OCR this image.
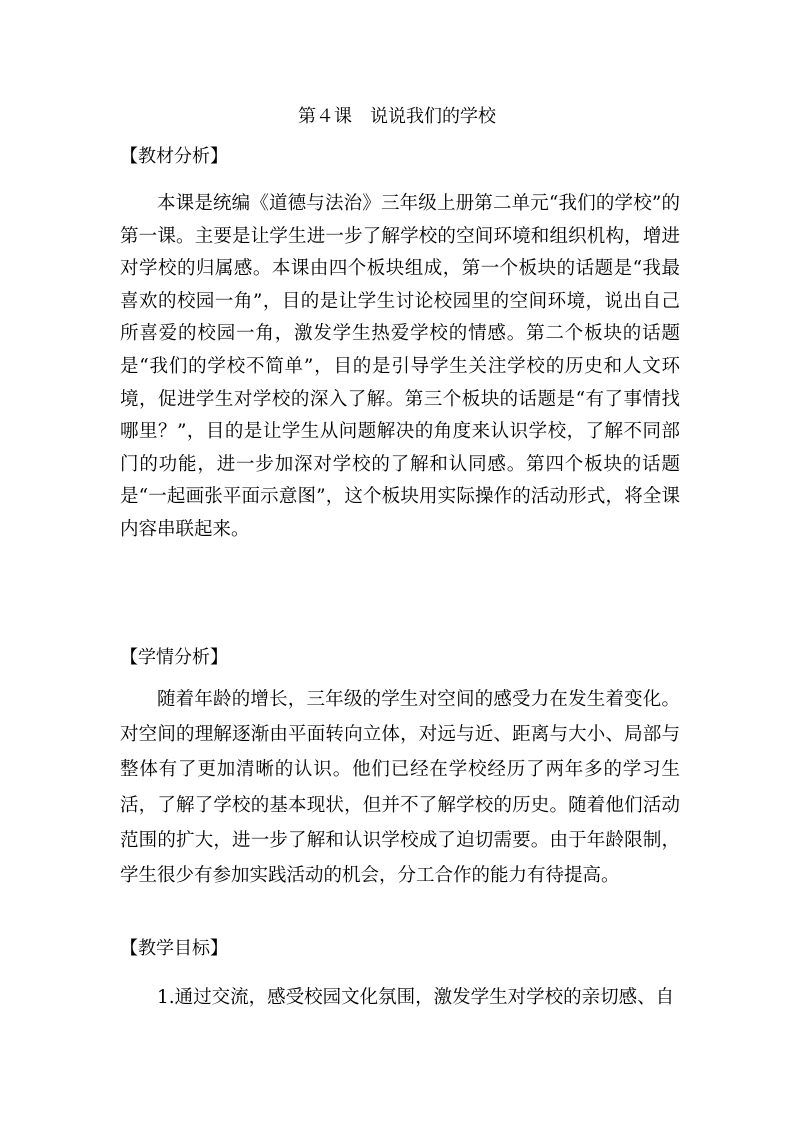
第４课　说说我们的学校
【教材分析】

本课是统编《道德与法治》三年级上册第二单元“我们的学校”的第一课。主要是让学生进一步了解学校的空间环境和组织机构，增进对学校的归属感。本课由四个板块组成，第一个板块的话题是“我最喜欢的校园一角”，目的是让学生讨论校园里的空间环境，说出自己所喜爱的校园一角，激发学生热爱学校的情感。第二个板块的话题是“我们的学校不简单”，目的是引导学生关注学校的历史和人文环境，促进学生对学校的深入了解。第三个板块的话题是“有了事情找哪里？”，目的是让学生从问题解决的角度来认识学校，了解不同部门的功能，进一步加深对学校的了解和认同感。第四个板块的话题是“一起画张平面示意图”，这个板块用实际操作的活动形式，将全课内容串联起来。

【学情分析】

随着年龄的增长，三年级的学生对空间的感受力在发生着变化。对空间的理解逐渐由平面转向立体，对远与近、距离与大小、局部与整体有了更加清晰的认识。他们已经在学校经历了两年多的学习生活，了解了学校的基本现状，但并不了解学校的历史。随着他们活动范围的扩大，进一步了解和认识学校成了迫切需要。由于年龄限制，学生很少有参加实践活动的机会，分工合作的能力有待提高。

【教学目标】

1.通过交流，感受校园文化氛围，激发学生对学校的亲切感、自
